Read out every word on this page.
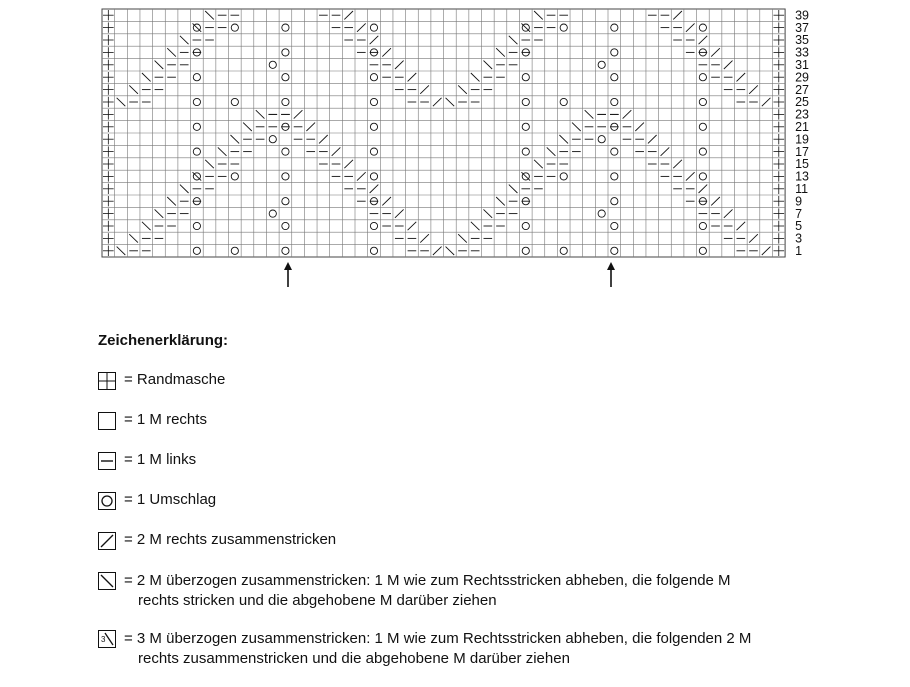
39
37
35
33
31
29
27
25
23
21
19
17
15
13
11
9
7
5
3
1
Zeichenerklärung:
= Randmasche
= 1 M rechts
= 1 M links
= 1 Umschlag
= 2 M rechts zusammenstricken
= 2 M überzogen zusammenstricken: 1 M wie zum Rechtsstricken abheben, die folgende M
rechts stricken und die abgehobene M darüber ziehen
3 = 3 M überzogen zusammenstricken: 1 M wie zum Rechtsstricken abheben, die folgenden 2 M
rechts zusammenstricken und die abgehobene M darüber ziehen
